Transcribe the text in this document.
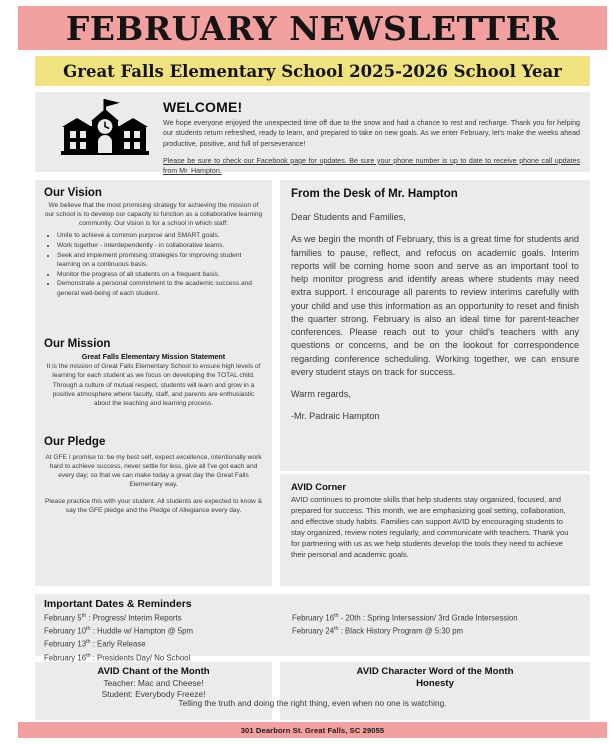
FEBRUARY NEWSLETTER
Great Falls Elementary School 2025-2026 School Year
WELCOME!

We hope everyone enjoyed the unexpected time off due to the snow and had a chance to rest and recharge. Thank you for helping our students return refreshed, ready to learn, and prepared to take on new goals. As we enter February, let's make the weeks ahead productive, positive, and full of perseverance!

Please be sure to check our Facebook page for updates. Be sure your phone number is up to date to receive phone call updates from Mr. Hampton.

Our Vision

We believe that the most promising strategy for achieving the mission of our school is to develop our capacity to function as a collaborative learning community. Our vision is for a school in which staff:

• Unite to achieve a common purpose and SMART goals.
• Work together - interdependently - in collaborative teams.
• Seek and implement promising strategies for improving student learning on a continuous basis.
• Monitor the progress of all students on a frequent basis.
• Demonstrate a personal commitment to the academic success and general well-being of each student.
Our Mission
Great Falls Elementary Mission Statement

It is the mission of Great Falls Elementary School to ensure high levels of learning for each student as we focus on developing the TOTAL child. Through a culture of mutual respect, students will learn and grow in a positive atmosphere where faculty, staff, and parents are enthusiastic about the teaching and learning process.

Our Pledge

At GFE I promise to: be my best self, expect excellence, intentionally work hard to achieve success, never settle for less, give all I've got each and every day; so that we can make today a great day the Great Falls Elementary way.

Please practice this with your student. All students are expected to know & say the GFE pledge and the Pledge of Allegiance every day.

From the Desk of Mr. Hampton

Dear Students and Families,

As we begin the month of February, this is a great time for students and families to pause, reflect, and refocus on academic goals. Interim reports will be coming home soon and serve as an important tool to help monitor progress and identify areas where students may need extra support. I encourage all parents to review interims carefully with your child and use this information as an opportunity to reset and finish the quarter strong. February is also an ideal time for parent-teacher conferences. Please reach out to your child's teachers with any questions or concerns, and be on the lookout for correspondence regarding conference scheduling. Working together, we can ensure every student stays on track for success.

Warm regards,

-Mr. Padraic Hampton

AVID Corner

AVID continues to promote skills that help students stay organized, focused, and prepared for success. This month, we are emphasizing goal setting, collaboration, and effective study habits. Families can support AVID by encouraging students to stay organized, review notes regularly, and communicate with teachers. Thank you for partnering with us as we help students develop the tools they need to achieve their personal and academic goals.

Important Dates & Reminders
February 5th : Progress/ Interim Reports
February 10th : Huddle w/ Hampton @ 5pm
February 13th : Early Release
February 16th : Presidents Day/ No School
February 16th - 20th : Spring Intersession/ 3rd Grade Intersession
February 24th : Black History Program @ 5:30 pm
AVID Chant of the Month

Teacher: Mac and Cheese!

Student: Everybody Freeze!

AVID Character Word of the Month
Honesty
Telling the truth and doing the right thing, even when no one is watching.
301 Dearborn St. Great Falls, SC 29055
